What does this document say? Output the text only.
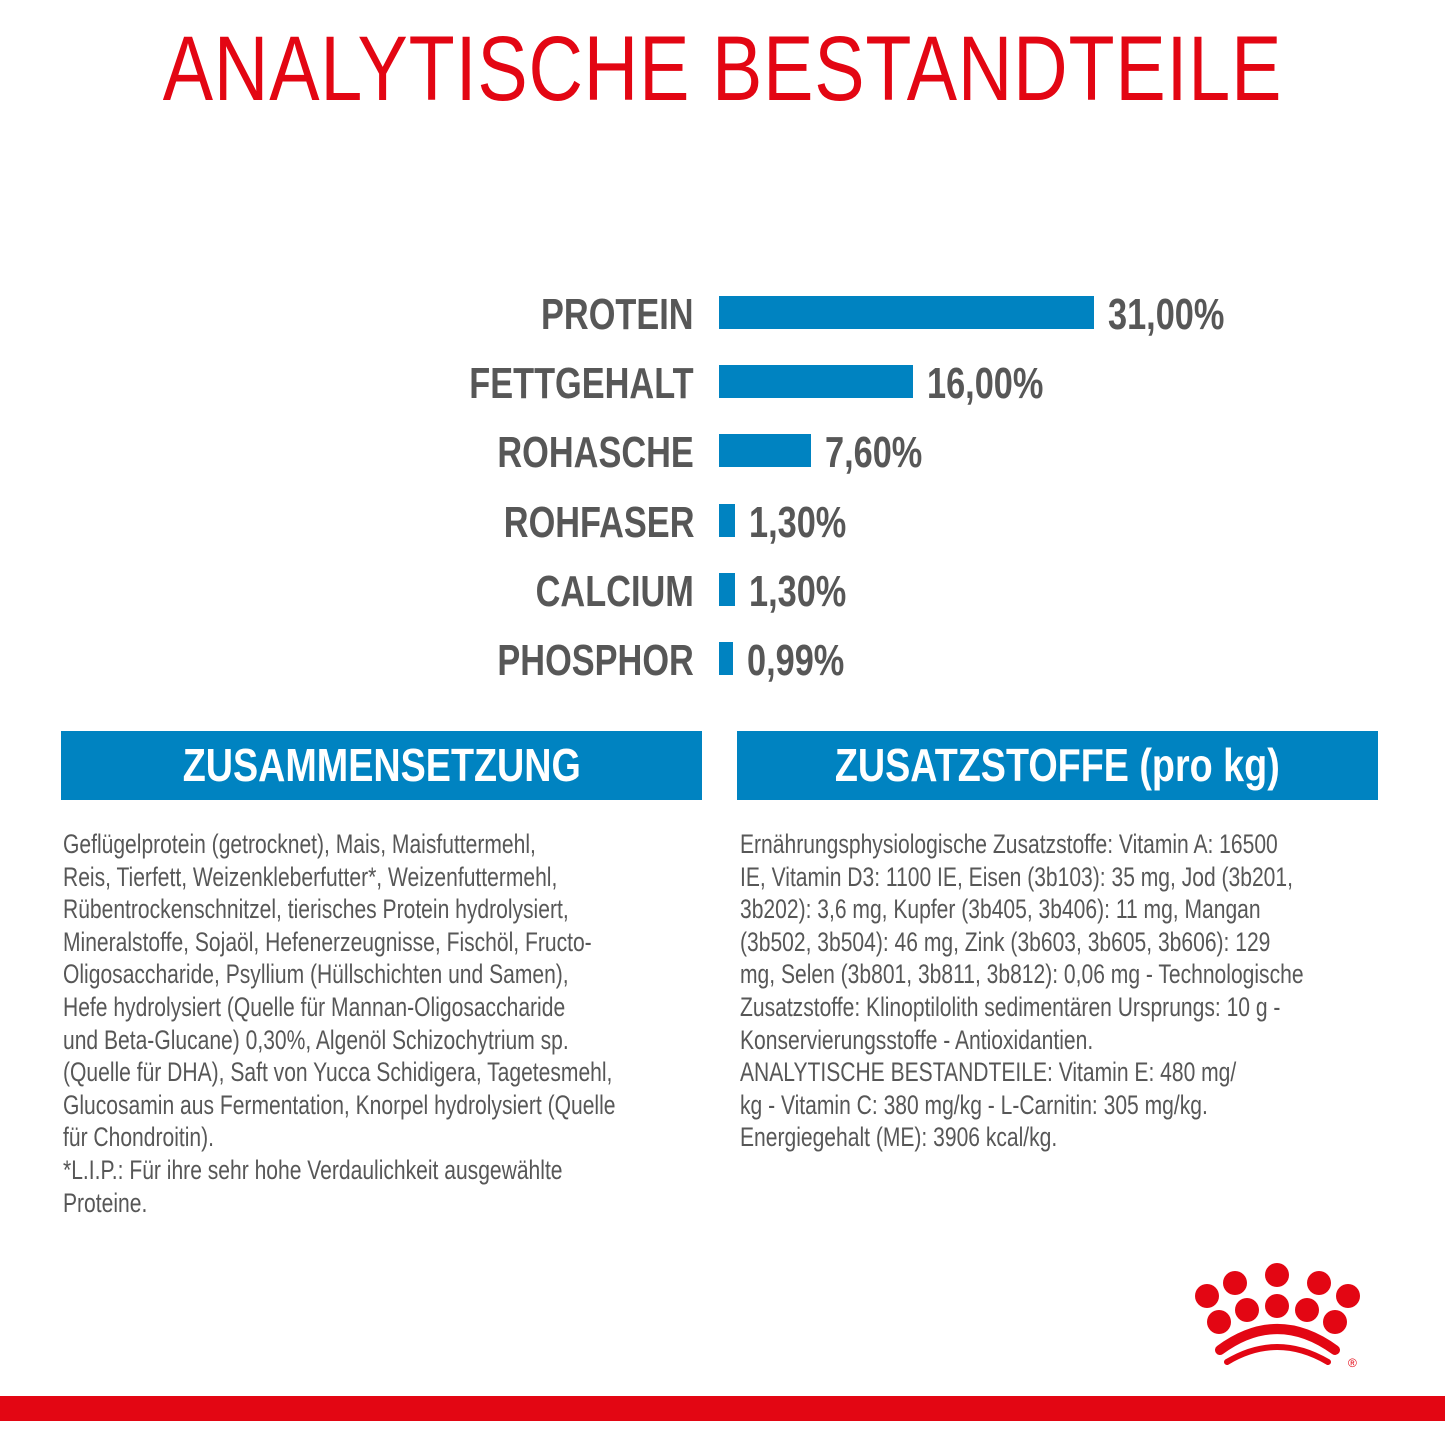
ANALYTISCHE BESTANDTEILE
PROTEIN	31,00%
FETTGEHALT	16,00%
ROHASCHE	7,60%
ROHFASER 1,30%
CALCIUM 1,30%
PHOSPHOR 0,99%
ZUSAMMENSETZUNG	ZUSATZSTOFFE (pro kg)

Geflügelprotein (getrocknet), Mais, Maisfuttermehl,

Reis, Tierfett, Weizenkleberfutter*, Weizenfuttermehl,

Rübentrockenschnitzel, tierisches Protein hydrolysiert,

Mineralstoffe, Sojaöl, Hefenerzeugnisse, Fischöl, Fructo-

Oligosaccharide, Psyllium (Hüllschichten und Samen),

Hefe hydrolysiert (Quelle für Mannan-Oligosaccharide

und Beta-Glucane) 0,30%, Algenöl Schizochytrium sp.

(Quelle für DHA), Saft von Yucca Schidigera, Tagetesmehl,

Glucosamin aus Fermentation, Knorpel hydrolysiert (Quelle

für Chondroitin).

*L.I.P.: Für ihre sehr hohe Verdaulichkeit ausgewählte

Proteine.

Ernährungsphysiologische Zusatzstoffe: Vitamin A: 16500

IE, Vitamin D3: 1100 IE, Eisen (3b103): 35 mg, Jod (3b201,

3b202): 3,6 mg, Kupfer (3b405, 3b406): 11 mg, Mangan

(3b502, 3b504): 46 mg, Zink (3b603, 3b605, 3b606): 129

mg, Selen (3b801, 3b811, 3b812): 0,06 mg - Technologische

Zusatzstoffe: Klinoptilolith sedimentären Ursprungs: 10 g -

Konservierungsstoffe - Antioxidantien.

ANALYTISCHE BESTANDTEILE: Vitamin E: 480 mg/

kg - Vitamin C: 380 mg/kg - L-Carnitin: 305 mg/kg.

Energiegehalt (ME): 3906 kcal/kg.

®
